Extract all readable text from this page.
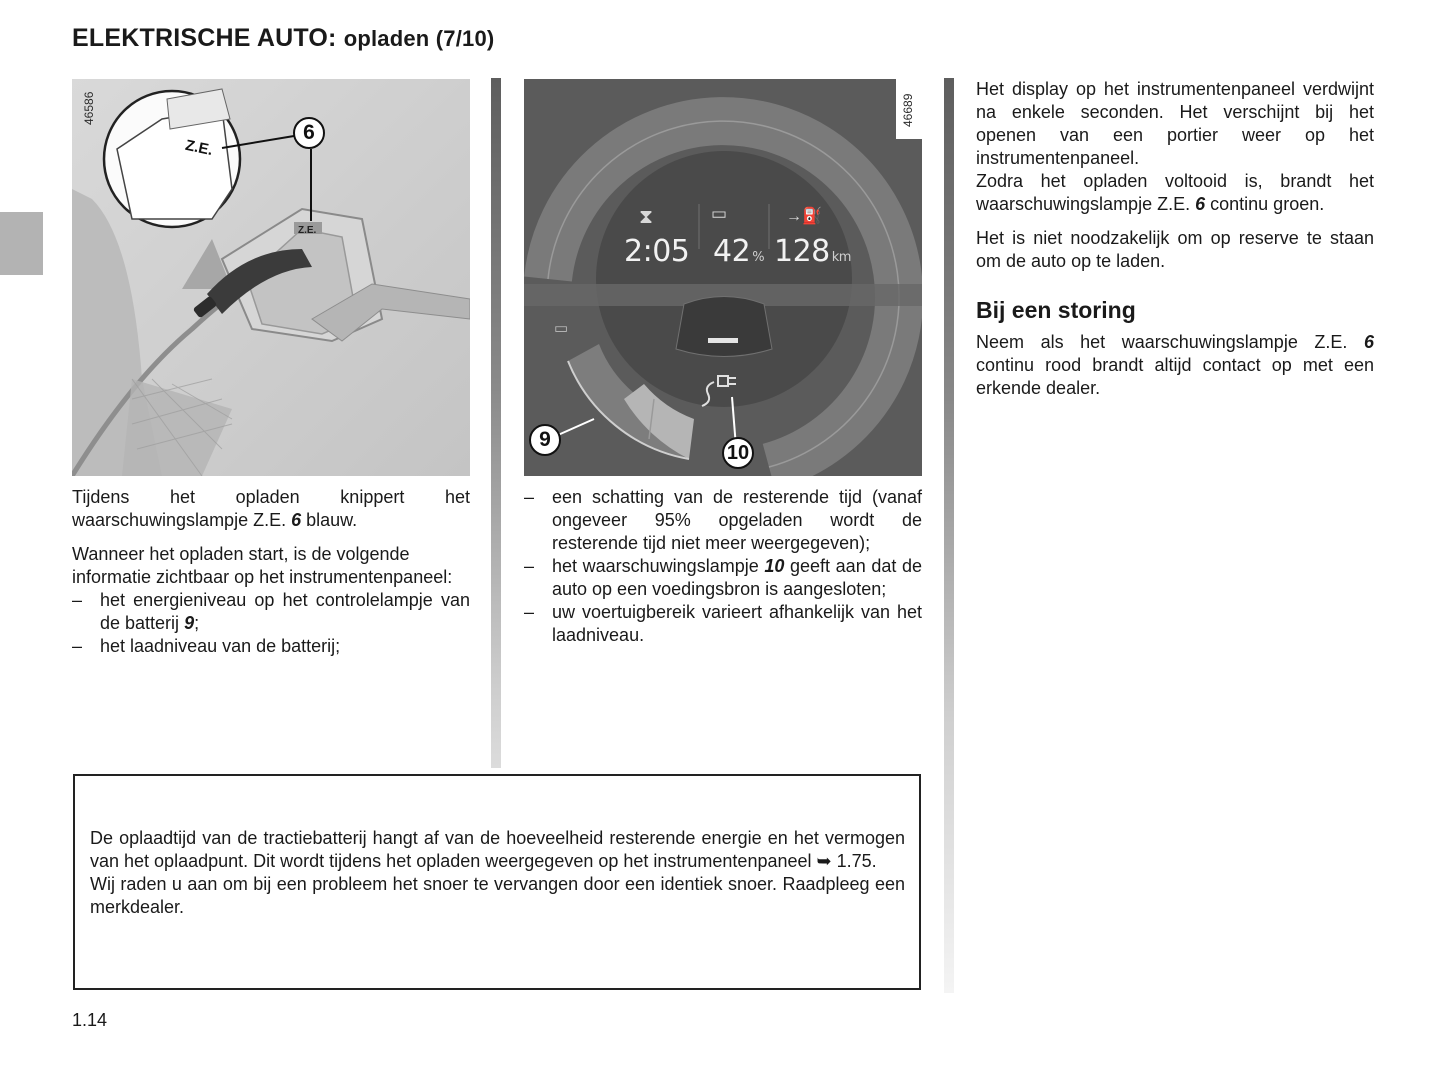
ELEKTRISCHE AUTO: opladen (7/10)
Z.E.
Z.E.
6
46586
⧗	▭	→⛽
▭
2:05 42 % 128 km
46689
9
10

Tijdens het opladen knippert het waarschuwingslampje Z.E. 6 blauw.

Wanneer het opladen start, is de volgende informatie zichtbaar op het instrumentenpaneel:

– het energieniveau op het controlelampje van de batterij 9;
– het laadniveau van de batterij;
– een schatting van de resterende tijd (vanaf ongeveer 95% opgeladen wordt de resterende tijd niet meer weergegeven);
– het waarschuwingslampje 10 geeft aan dat de auto op een voedingsbron is aangesloten;
– uw voertuigbereik varieert afhankelijk van het laadniveau.

Het display op het instrumentenpaneel verdwijnt na enkele seconden. Het verschijnt bij het openen van een portier weer op het instrumentenpaneel.

Zodra het opladen voltooid is, brandt het waarschuwingslampje Z.E. 6 continu groen.

Het is niet noodzakelijk om op reserve te staan om de auto op te laden.

Bij een storing

Neem als het waarschuwingslampje Z.E. 6 continu rood brandt altijd contact op met een erkende dealer.

De oplaadtijd van de tractiebatterij hangt af van de hoeveelheid resterende energie en het vermogen van het oplaadpunt. Dit wordt tijdens het opladen weergegeven op het instrumentenpaneel ➥ 1.75.

Wij raden u aan om bij een probleem het snoer te vervangen door een identiek snoer. Raadpleeg een merkdealer.

1.14
